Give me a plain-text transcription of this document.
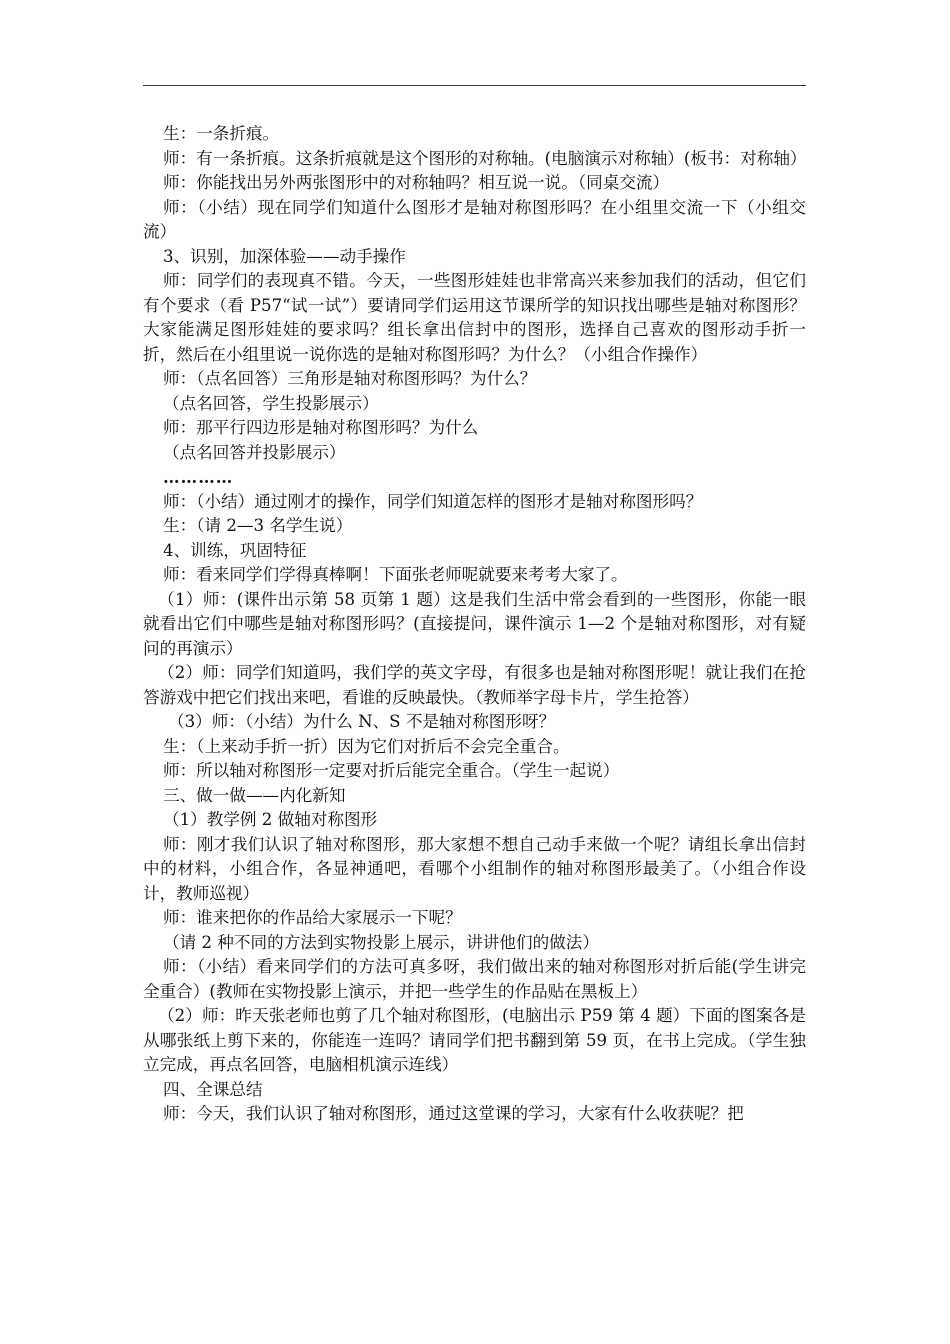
生：一条折痕。

师：有一条折痕。这条折痕就是这个图形的对称轴。(电脑演示对称轴）(板书：对称轴）

师：你能找出另外两张图形中的对称轴吗？相互说一说。（同桌交流）

师：（小结）现在同学们知道什么图形才是轴对称图形吗？在小组里交流一下（小组交流）

3、识别，加深体验——动手操作

师：同学们的表现真不错。今天，一些图形娃娃也非常高兴来参加我们的活动，但它们有个要求（看 P57“试一试”）要请同学们运用这节课所学的知识找出哪些是轴对称图形？大家能满足图形娃娃的要求吗？组长拿出信封中的图形，选择自己喜欢的图形动手折一折，然后在小组里说一说你选的是轴对称图形吗？为什么？（小组合作操作）

师：（点名回答）三角形是轴对称图形吗？为什么？

（点名回答，学生投影展示）

师：那平行四边形是轴对称图形吗？为什么

（点名回答并投影展示）

…………

师：（小结）通过刚才的操作，同学们知道怎样的图形才是轴对称图形吗？

生：（请 2—3 名学生说）

4、训练，巩固特征

师：看来同学们学得真棒啊！下面张老师呢就要来考考大家了。

（1）师：(课件出示第 58 页第 1 题）这是我们生活中常会看到的一些图形，你能一眼就看出它们中哪些是轴对称图形吗？(直接提问，课件演示 1—2 个是轴对称图形，对有疑问的再演示）

（2）师：同学们知道吗，我们学的英文字母，有很多也是轴对称图形呢！就让我们在抢答游戏中把它们找出来吧，看谁的反映最快。（教师举字母卡片，学生抢答）

（3）师：（小结）为什么 N、S 不是轴对称图形呀？

生：（上来动手折一折）因为它们对折后不会完全重合。

师：所以轴对称图形一定要对折后能完全重合。（学生一起说）

三、做一做——内化新知

（1）教学例 2 做轴对称图形

师：刚才我们认识了轴对称图形，那大家想不想自己动手来做一个呢？请组长拿出信封中的材料，小组合作，各显神通吧，看哪个小组制作的轴对称图形最美了。（小组合作设计，教师巡视）

师：谁来把你的作品给大家展示一下呢？

（请 2 种不同的方法到实物投影上展示，讲讲他们的做法）

师：（小结）看来同学们的方法可真多呀，我们做出来的轴对称图形对折后能(学生讲完全重合）(教师在实物投影上演示，并把一些学生的作品贴在黑板上）

（2）师：昨天张老师也剪了几个轴对称图形，(电脑出示 P59 第 4 题）下面的图案各是从哪张纸上剪下来的，你能连一连吗？请同学们把书翻到第 59 页，在书上完成。（学生独立完成，再点名回答，电脑相机演示连线）

四、全课总结

师：今天，我们认识了轴对称图形，通过这堂课的学习，大家有什么收获呢？把
